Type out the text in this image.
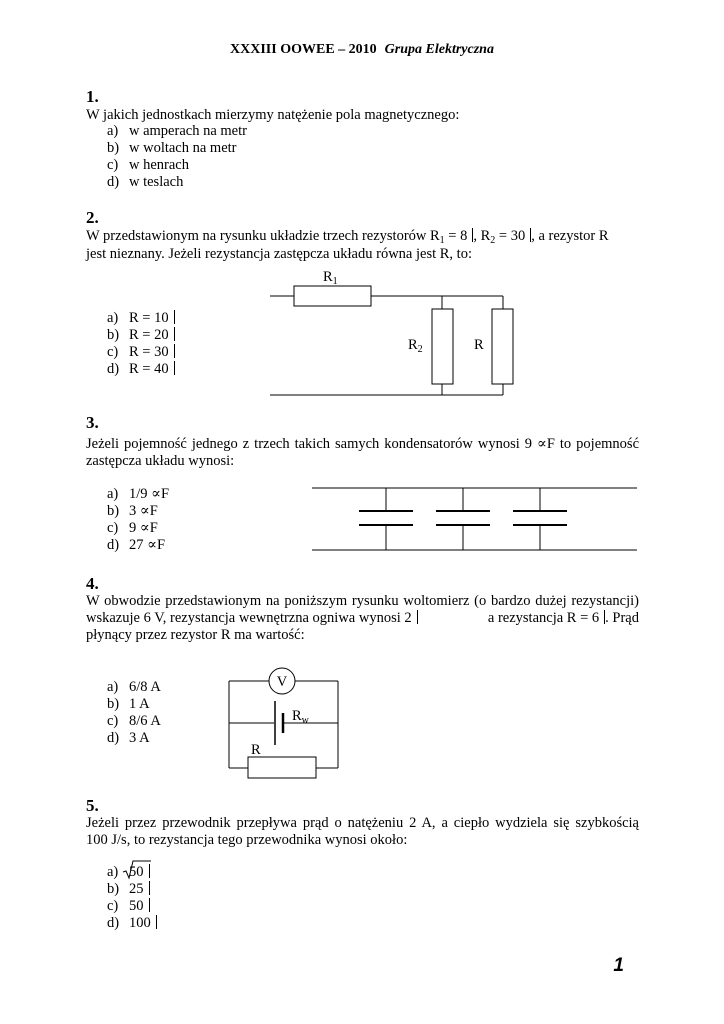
XXXIII OOWEE – 2010 Grupa Elektryczna
1.
W jakich jednostkach mierzymy natężenie pola magnetycznego:
a) w amperach na metr
b) w woltach na metr
c) w henrach
d) w teslach
2.
W przedstawionym na rysunku układzie trzech rezystorów $R_1 = 8$ , $R_2 = 30$ , a rezystor R
jest nieznany. Jeżeli rezystancja zastępcza układu równa jest R, to:
a) R = 10
b) R = 20
c) R = 30
d) R = 40
$R_1$
$R_2$	R
3.
Jeżeli pojemność jednego z trzech takich samych kondensatorów wynosi 9 ∝F to pojemność
zastępcza układu wynosi:
a) 1/9 ∝F
b) 3 ∝F
c) 9 ∝F
d) 27 ∝F
4.
W obwodzie przedstawionym na poniższym rysunku woltomierz (o bardzo dużej rezystancji)
wskazuje 6 V, rezystancja wewnętrzna ogniwa wynosi 2	a rezystancja R = 6 . Prąd
płynący przez rezystor R ma wartość:
a) 6/8 A
b) 1 A
c) 8/6 A
d) 3 A
V
$R_w$
R
5.
Jeżeli przez przewodnik przepływa prąd o natężeniu 2 A, a ciepło wydziela się szybkością
100 J/s, to rezystancja tego przewodnika wynosi około:
a) 50
b) 25
c) 50
d) 100
1
